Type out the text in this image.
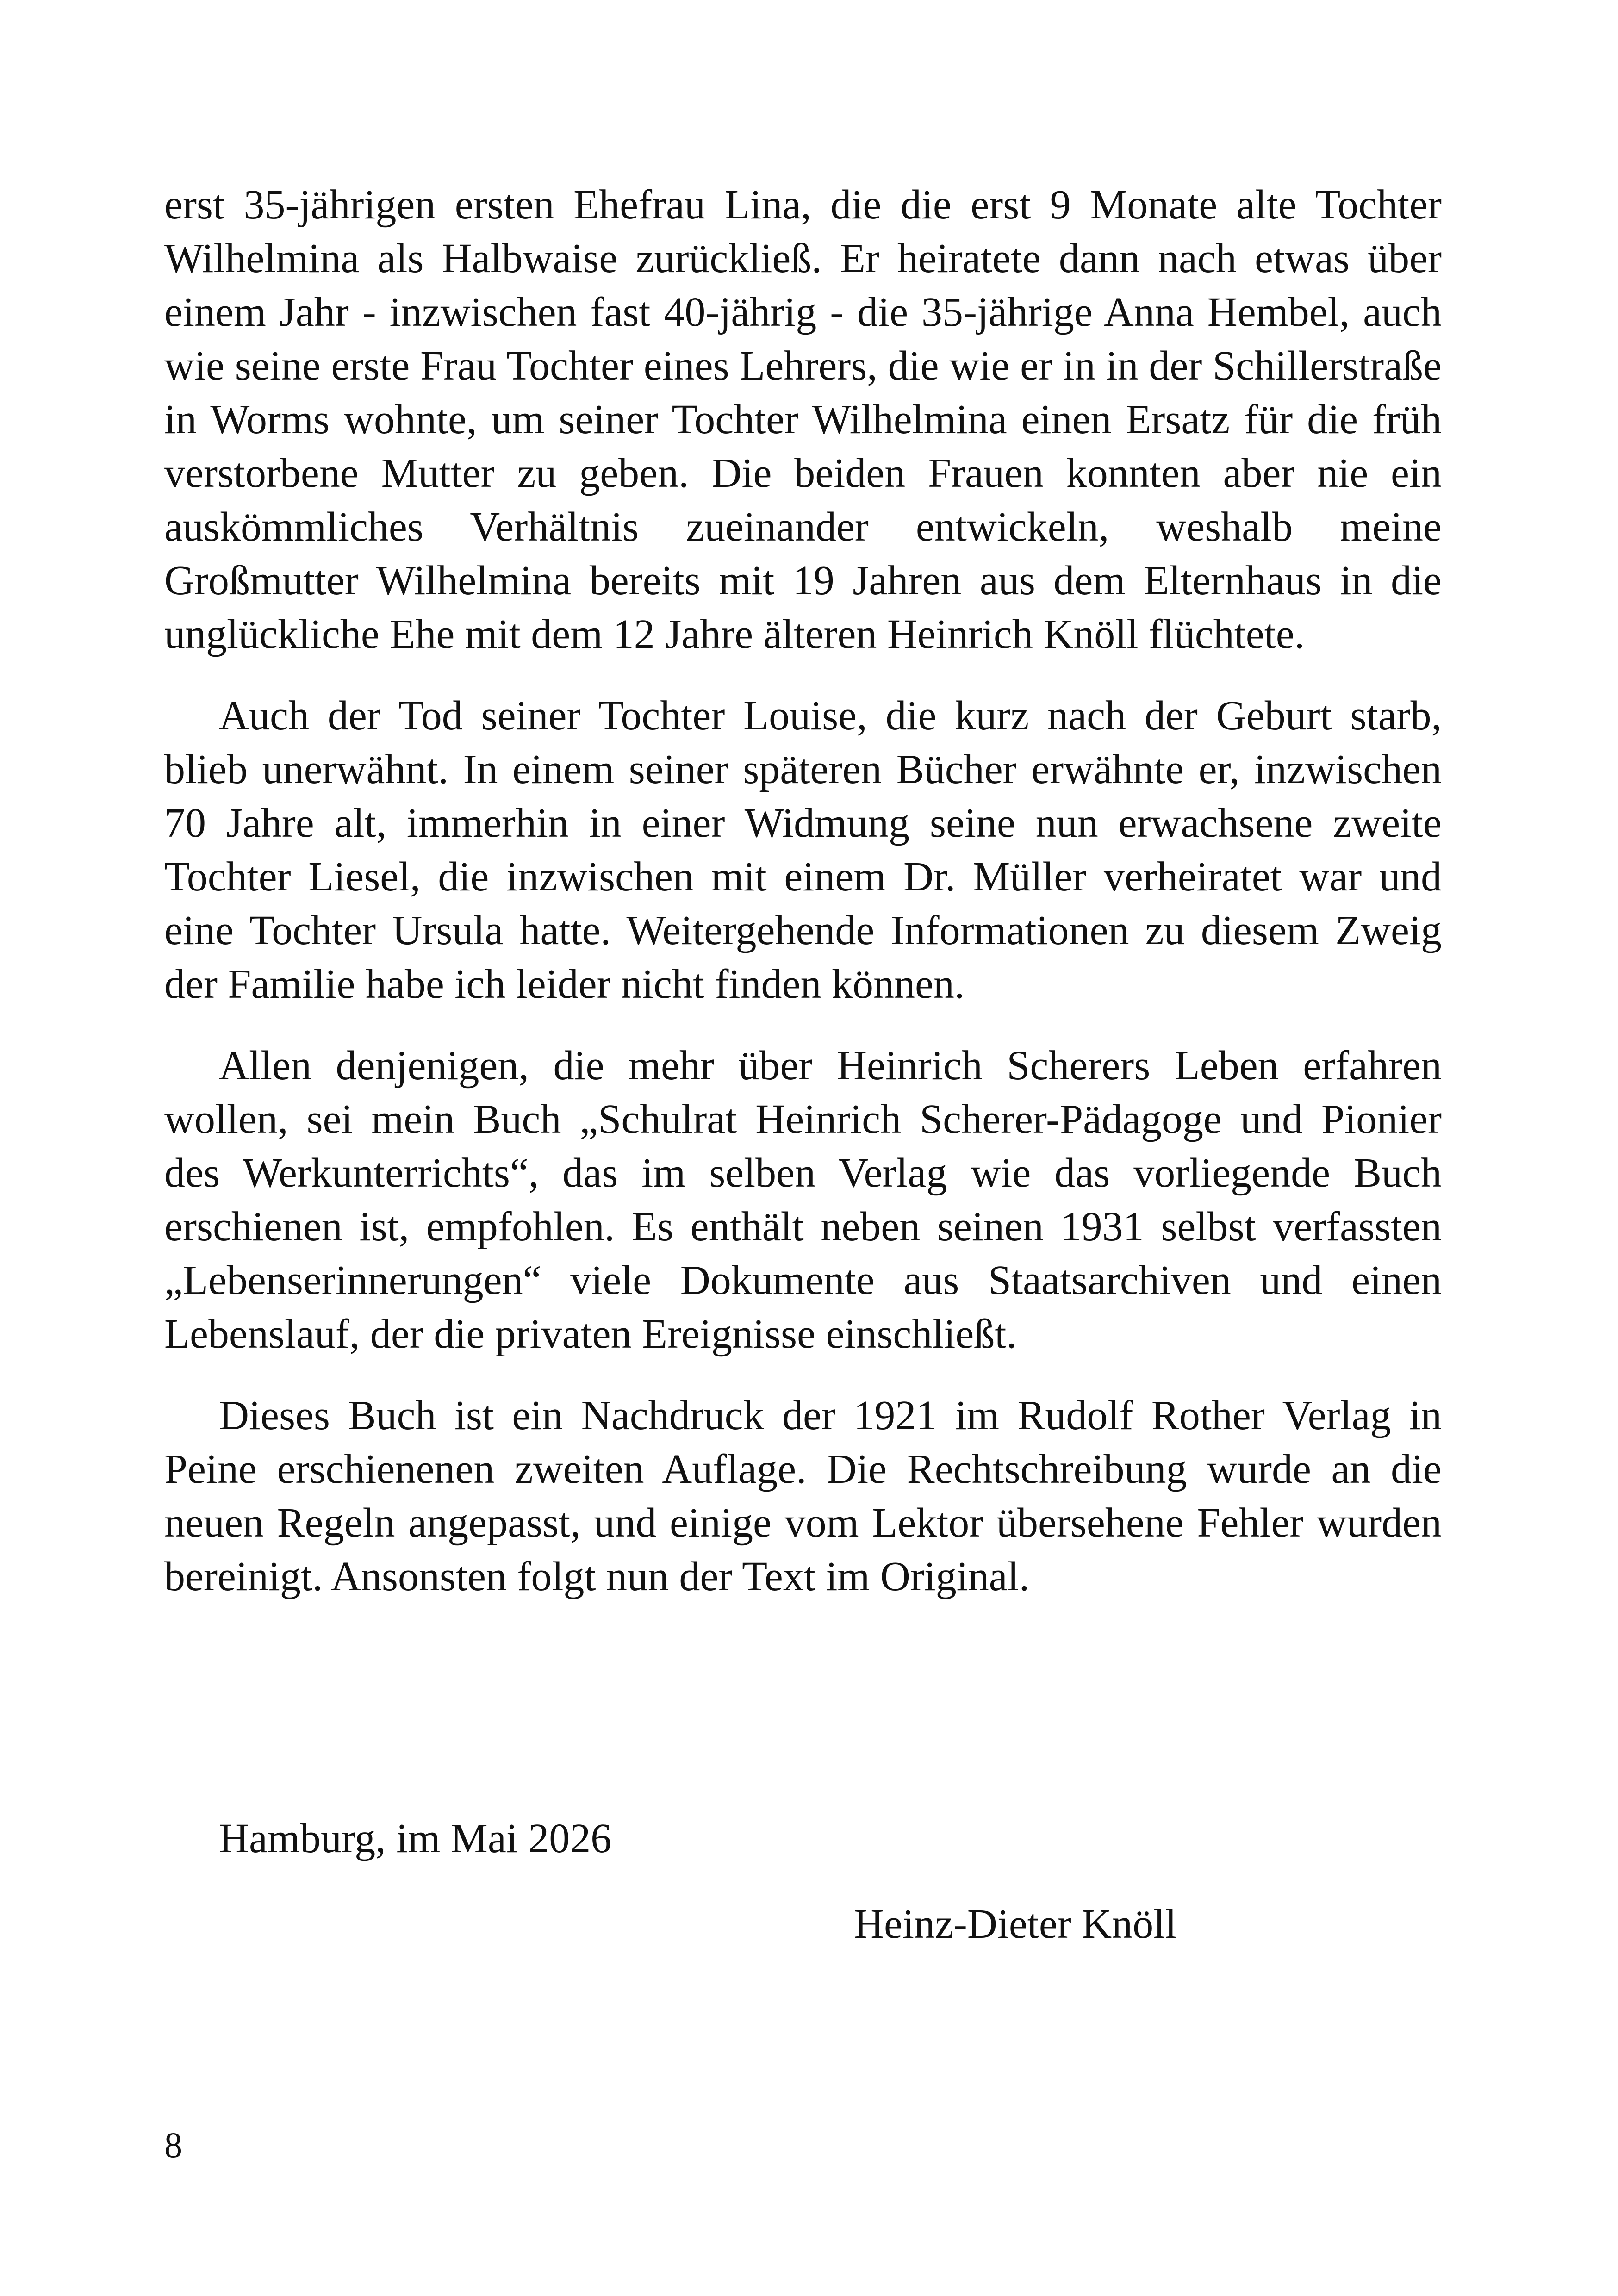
erst 35-jährigen ersten Ehefrau Lina, die die erst 9 Monate alte Tochter Wilhelmina als Halbwaise zurückließ. Er heiratete dann nach etwas über einem Jahr - inzwischen fast 40-jährig - die 35-jährige Anna Hembel, auch wie seine erste Frau Tochter eines Lehrers, die wie er in in der Schillerstraße in Worms wohnte, um seiner Tochter Wilhelmina einen Ersatz für die früh verstorbene Mutter zu geben. Die beiden Frauen konnten aber nie ein auskömmliches Verhältnis zueinander entwickeln, weshalb meine Großmutter Wilhelmina bereits mit 19 Jahren aus dem Elternhaus in die unglückliche Ehe mit dem 12 Jahre älteren Heinrich Knöll flüchtete.

Auch der Tod seiner Tochter Louise, die kurz nach der Geburt starb, blieb unerwähnt. In einem seiner späteren Bücher erwähnte er, inzwischen 70 Jahre alt, immerhin in einer Widmung seine nun erwachsene zweite Tochter Liesel, die inzwischen mit einem Dr. Müller verheiratet war und eine Tochter Ursula hatte. Weitergehende Informationen zu diesem Zweig der Familie habe ich leider nicht finden können.

Allen denjenigen, die mehr über Heinrich Scherers Leben erfahren wollen, sei mein Buch „Schulrat Heinrich Scherer-Pädagoge und Pionier des Werkunterrichts“, das im selben Verlag wie das vorliegende Buch erschienen ist, empfohlen. Es enthält neben seinen 1931 selbst verfassten „Lebenserinnerungen“ viele Dokumente aus Staatsarchiven und einen Lebenslauf, der die privaten Ereignisse einschließt.

Dieses Buch ist ein Nachdruck der 1921 im Rudolf Rother Verlag in Peine erschienenen zweiten Auflage. Die Rechtschreibung wurde an die neuen Regeln angepasst, und einige vom Lektor übersehene Fehler wurden bereinigt. Ansonsten folgt nun der Text im Original.

Hamburg, im Mai 2026
Heinz-Dieter Knöll
8
